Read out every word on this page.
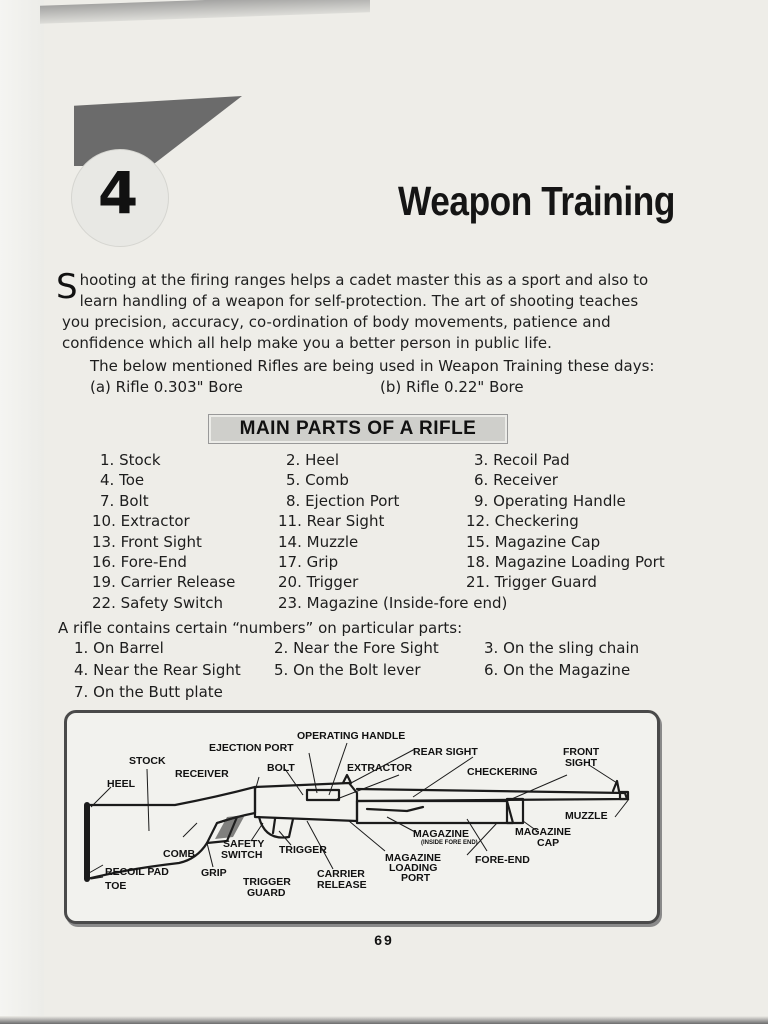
4	Weapon Training
S hooting at the firing ranges helps a cadet master this as a sport and also to
learn handling of a weapon for self-protection. The art of shooting teaches
you precision, accuracy, co-ordination of body movements, patience and
confidence which all help make you a better person in public life.
The below mentioned Rifles are being used in Weapon Training these days:
(a) Rifle 0.303" Bore	(b) Rifle 0.22" Bore
MAIN PARTS OF A RIFLE
1. Stock	2. Heel	3. Recoil Pad
4. Toe	5. Comb	6. Receiver
7. Bolt	8. Ejection Port	9. Operating Handle
10. Extractor	11. Rear Sight	12. Checkering
13. Front Sight	14. Muzzle	15. Magazine Cap
16. Fore-End	17. Grip	18. Magazine Loading Port
19. Carrier Release	20. Trigger	21. Trigger Guard
22. Safety Switch	23. Magazine (Inside-fore end)
A rifle contains certain “numbers” on particular parts:
1. On Barrel	2. Near the Fore Sight	3. On the sling chain
4. Near the Rear Sight 5. On the Bolt lever	6. On the Magazine
7. On the Butt plate
OPERATING HANDLE
EJECTION PORT	REAR SIGHT	FRONT
SIGHT
STOCK
BOLT	EXTRACTOR	CHECKERING
RECEIVER
HEEL
MUZZLE
MAGAZINE
(INSIDE FORE END)
MAGAZINE
CAP
COMB
SAFETY
SWITCH TRIGGER
MAGAZINE
LOADING
PORT
FORE-END
RECOIL PAD	GRIP	CARRIER
RELEASE
TRIGGER
GUARD
TOE
69
